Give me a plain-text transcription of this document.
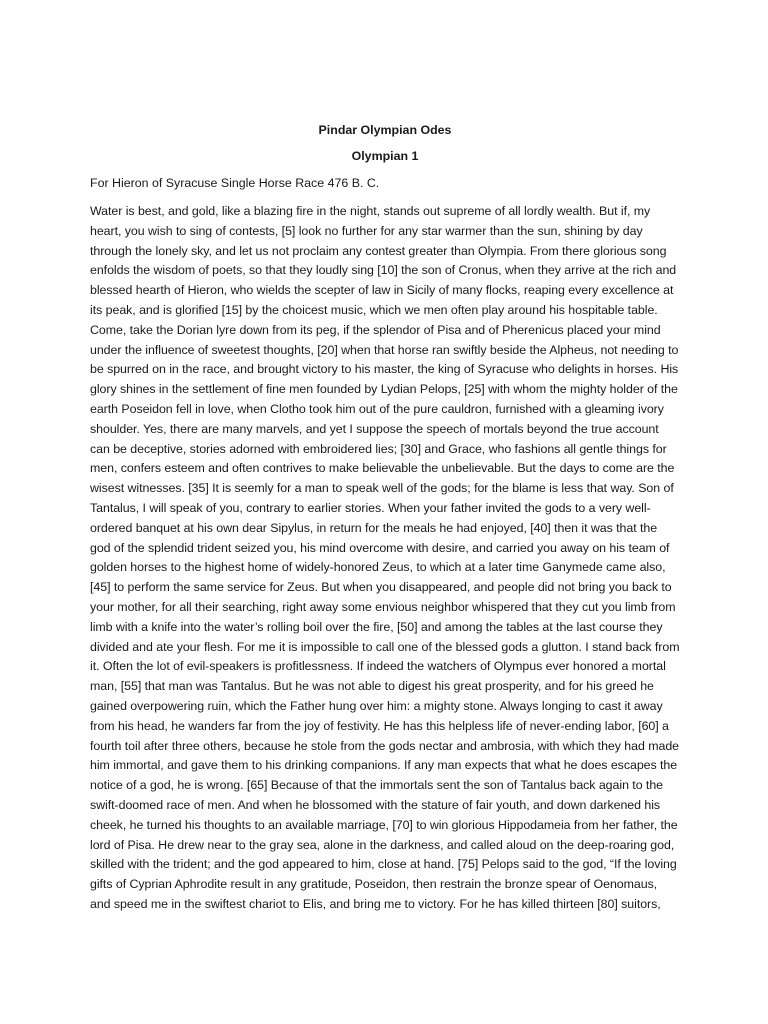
Pindar Olympian Odes
Olympian 1
For Hieron of Syracuse Single Horse Race 476 B. C.

Water is best, and gold, like a blazing fire in the night, stands out supreme of all lordly wealth. But if, my heart, you wish to sing of contests, [5] look no further for any star warmer than the sun, shining by day through the lonely sky, and let us not proclaim any contest greater than Olympia. From there glorious song enfolds the wisdom of poets, so that they loudly sing [10] the son of Cronus, when they arrive at the rich and blessed hearth of Hieron, who wields the scepter of law in Sicily of many flocks, reaping every excellence at its peak, and is glorified [15] by the choicest music, which we men often play around his hospitable table. Come, take the Dorian lyre down from its peg, if the splendor of Pisa and of Pherenicus placed your mind under the influence of sweetest thoughts, [20] when that horse ran swiftly beside the Alpheus, not needing to be spurred on in the race, and brought victory to his master, the king of Syracuse who delights in horses. His glory shines in the settlement of fine men founded by Lydian Pelops, [25] with whom the mighty holder of the earth Poseidon fell in love, when Clotho took him out of the pure cauldron, furnished with a gleaming ivory shoulder. Yes, there are many marvels, and yet I suppose the speech of mortals beyond the true account can be deceptive, stories adorned with embroidered lies; [30] and Grace, who fashions all gentle things for men, confers esteem and often contrives to make believable the unbelievable. But the days to come are the wisest witnesses. [35] It is seemly for a man to speak well of the gods; for the blame is less that way. Son of Tantalus, I will speak of you, contrary to earlier stories. When your father invited the gods to a very well-ordered banquet at his own dear Sipylus, in return for the meals he had enjoyed, [40] then it was that the god of the splendid trident seized you, his mind overcome with desire, and carried you away on his team of golden horses to the highest home of widely-honored Zeus, to which at a later time Ganymede came also, [45] to perform the same service for Zeus. But when you disappeared, and people did not bring you back to your mother, for all their searching, right away some envious neighbor whispered that they cut you limb from limb with a knife into the water’s rolling boil over the fire, [50] and among the tables at the last course they divided and ate your flesh. For me it is impossible to call one of the blessed gods a glutton. I stand back from it. Often the lot of evil-speakers is profitlessness. If indeed the watchers of Olympus ever honored a mortal man, [55] that man was Tantalus. But he was not able to digest his great prosperity, and for his greed he gained overpowering ruin, which the Father hung over him: a mighty stone. Always longing to cast it away from his head, he wanders far from the joy of festivity. He has this helpless life of never-ending labor, [60] a fourth toil after three others, because he stole from the gods nectar and ambrosia, with which they had made him immortal, and gave them to his drinking companions. If any man expects that what he does escapes the notice of a god, he is wrong. [65] Because of that the immortals sent the son of Tantalus back again to the swift-doomed race of men. And when he blossomed with the stature of fair youth, and down darkened his cheek, he turned his thoughts to an available marriage, [70] to win glorious Hippodameia from her father, the lord of Pisa. He drew near to the gray sea, alone in the darkness, and called aloud on the deep-roaring god, skilled with the trident; and the god appeared to him, close at hand. [75] Pelops said to the god, “If the loving gifts of Cyprian Aphrodite result in any gratitude, Poseidon, then restrain the bronze spear of Oenomaus, and speed me in the swiftest chariot to Elis, and bring me to victory. For he has killed thirteen [80] suitors,
